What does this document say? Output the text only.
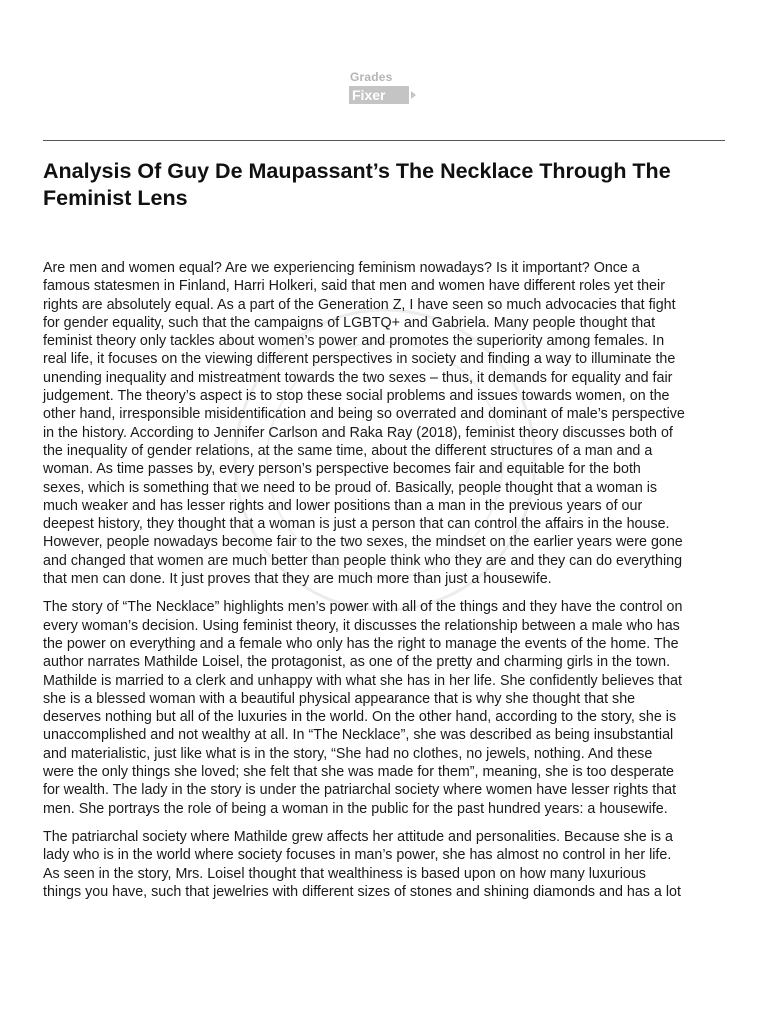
Grades
Fixer
Analysis Of Guy De Maupassant’s The Necklace Through The Feminist Lens

Are men and women equal? Are we experiencing feminism nowadays? Is it important? Once a
famous statesmen in Finland, Harri Holkeri, said that men and women have different roles yet their
rights are absolutely equal. As a part of the Generation Z, I have seen so much advocacies that fight
for gender equality, such that the campaigns of LGBTQ+ and Gabriela. Many people thought that
feminist theory only tackles about women’s power and promotes the superiority among females. In
real life, it focuses on the viewing different perspectives in society and finding a way to illuminate the
unending inequality and mistreatment towards the two sexes – thus, it demands for equality and fair
judgement. The theory’s aspect is to stop these social problems and issues towards women, on the
other hand, irresponsible misidentification and being so overrated and dominant of male’s perspective
in the history. According to Jennifer Carlson and Raka Ray (2018), feminist theory discusses both of
the inequality of gender relations, at the same time, about the different structures of a man and a
woman. As time passes by, every person’s perspective becomes fair and equitable for the both
sexes, which is something that we need to be proud of. Basically, people thought that a woman is
much weaker and has lesser rights and lower positions than a man in the previous years of our
deepest history, they thought that a woman is just a person that can control the affairs in the house.
However, people nowadays become fair to the two sexes, the mindset on the earlier years were gone
and changed that women are much better than people think who they are and they can do everything
that men can done. It just proves that they are much more than just a housewife.

The story of “The Necklace” highlights men’s power with all of the things and they have the control on
every woman’s decision. Using feminist theory, it discusses the relationship between a male who has
the power on everything and a female who only has the right to manage the events of the home. The
author narrates Mathilde Loisel, the protagonist, as one of the pretty and charming girls in the town.
Mathilde is married to a clerk and unhappy with what she has in her life. She confidently believes that
she is a blessed woman with a beautiful physical appearance that is why she thought that she
deserves nothing but all of the luxuries in the world. On the other hand, according to the story, she is
unaccomplished and not wealthy at all. In “The Necklace”, she was described as being insubstantial
and materialistic, just like what is in the story, “She had no clothes, no jewels, nothing. And these
were the only things she loved; she felt that she was made for them”, meaning, she is too desperate
for wealth. The lady in the story is under the patriarchal society where women have lesser rights that
men. She portrays the role of being a woman in the public for the past hundred years: a housewife.

The patriarchal society where Mathilde grew affects her attitude and personalities. Because she is a
lady who is in the world where society focuses in man’s power, she has almost no control in her life.
As seen in the story, Mrs. Loisel thought that wealthiness is based upon on how many luxurious
things you have, such that jewelries with different sizes of stones and shining diamonds and has a lot
